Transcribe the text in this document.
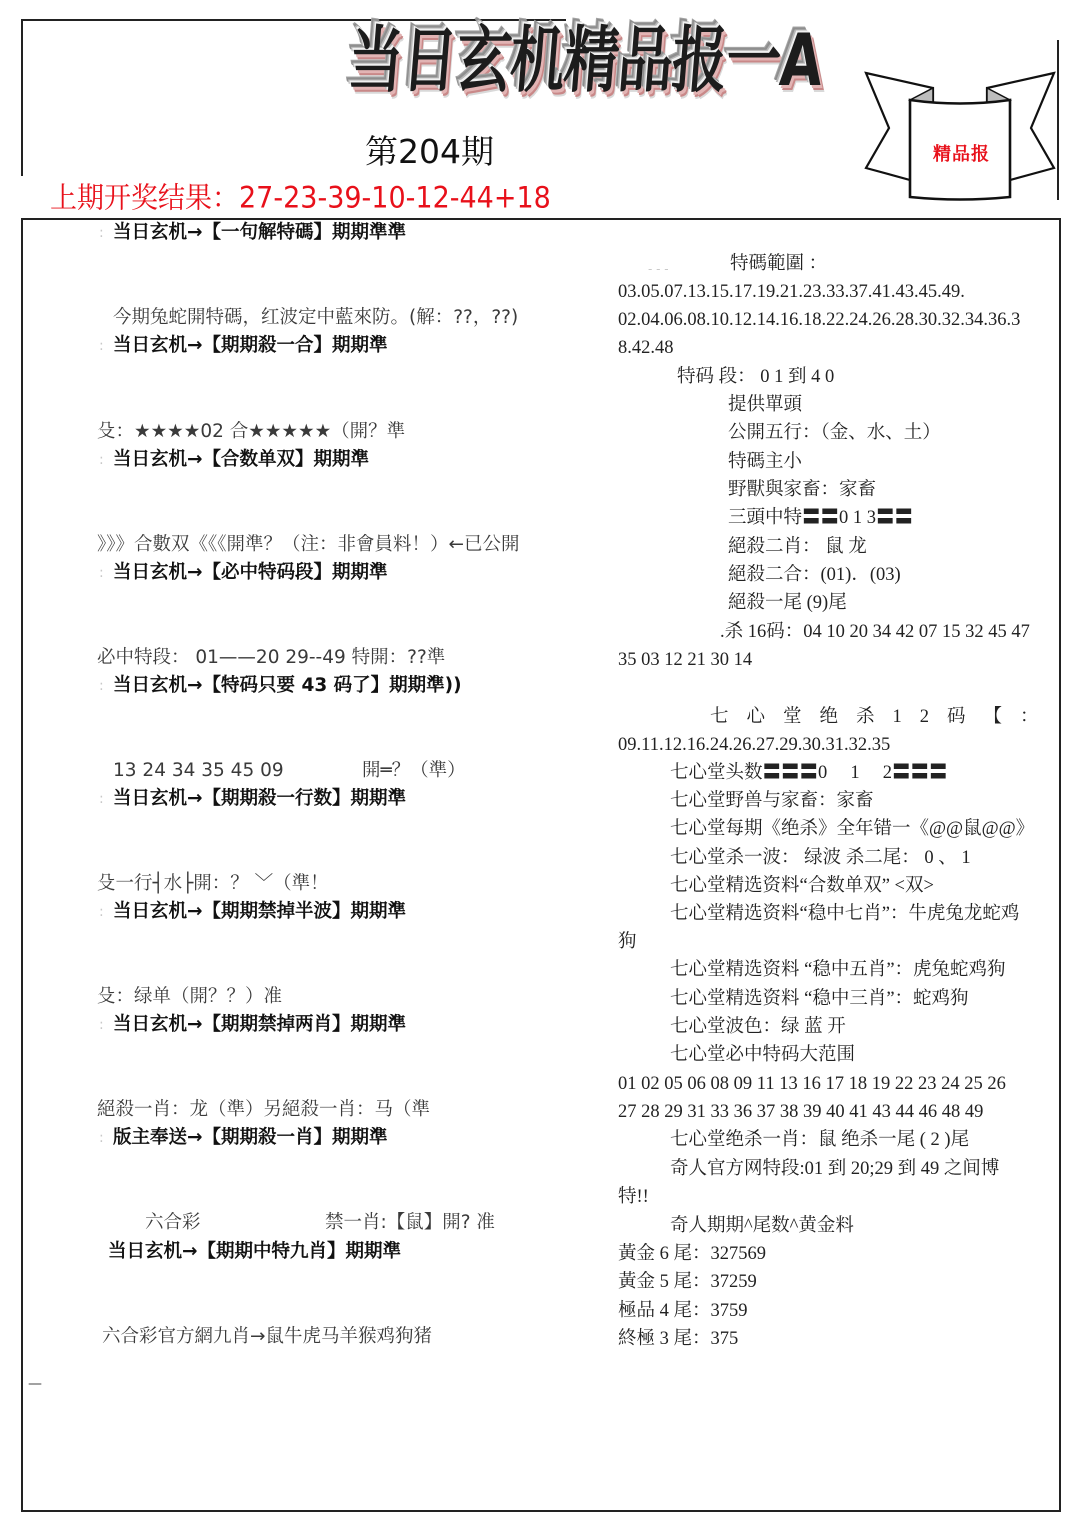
当日玄机精品报一A
第204期
上期开奖结果：27-23-39-10-12-44+18
精品报
: 当日玄机→【一句解特碼】期期準準
今期兔蛇開特碼，红波定中藍來防。(解：??，??)
: 当日玄机→【期期殺一合】期期準
殳：★★★★02 合★★★★★（開？準
: 当日玄机→【合数单双】期期準
》》》合數双《《《開準？（注：非會員料！）←已公開
: 当日玄机→【必中特码段】期期準
必中特段： 01——20 29--49 特開：??準
: 当日玄机→【特码只要 43 码了】期期準))
13 24 34 35 45 09	開═？（準）
: 当日玄机→【期期殺一行数】期期準
殳一行┤水├開：？ ﹀（準！
: 当日玄机→【期期禁掉半波】期期準
殳：绿单（開？？）准
: 当日玄机→【期期禁掉两肖】期期準
絕殺一肖：龙（準）另絕殺一肖：马（準
: 版主奉送→【期期殺一肖】期期準
六合彩	禁一肖:【鼠】開? 准
当日玄机→【期期中特九肖】期期準
六合彩官方網九肖→鼠牛虎马羊猴鸡狗猪
—
- - -	特碼範圍 ：
03.05.07.13.15.17.19.21.23.33.37.41.43.45.49.
02.04.06.08.10.12.14.16.18.22.24.26.28.30.32.34.36.3
8.42.48
特码 段： 0 1 到 4 0
提供單頭
公開五行：（金、水、土）
特碼主小
野獸與家畜：家畜
三頭中特〓〓0 1 3〓〓
絕殺二肖： 鼠 龙
絕殺二合：(01)．(03)
絕殺一尾 (9)尾
.杀 16码：04 10 20 34 42 07 15 32 45 47
35 03 12 21 30 14
七心堂绝杀12码【：
09.11.12.16.24.26.27.29.30.31.32.35
七心堂头数〓〓〓0　 1　 2〓〓〓
七心堂野兽与家畜：家畜
七心堂每期《绝杀》全年错一《@@鼠@@》
七心堂杀一波： 绿波 杀二尾： 0 、 1
七心堂精选资料“合数单双” <双>
七心堂精选资料“稳中七肖”：牛虎兔龙蛇鸡
狗
七心堂精选资料 “稳中五肖”：虎兔蛇鸡狗
七心堂精选资料 “稳中三肖”：蛇鸡狗
七心堂波色：绿 蓝 开
七心堂必中特码大范围
01 02 05 06 08 09 11 13 16 17 18 19 22 23 24 25 26
27 28 29 31 33 36 37 38 39 40 41 43 44 46 48 49
七心堂绝杀一肖：鼠 绝杀一尾 ( 2 )尾
奇人官方网特段:01 到 20;29 到 49 之间博
特!!
奇人期期^尾数^黄金料
黃金 6 尾：327569
黃金 5 尾：37259
極品 4 尾：3759
終極 3 尾：375
